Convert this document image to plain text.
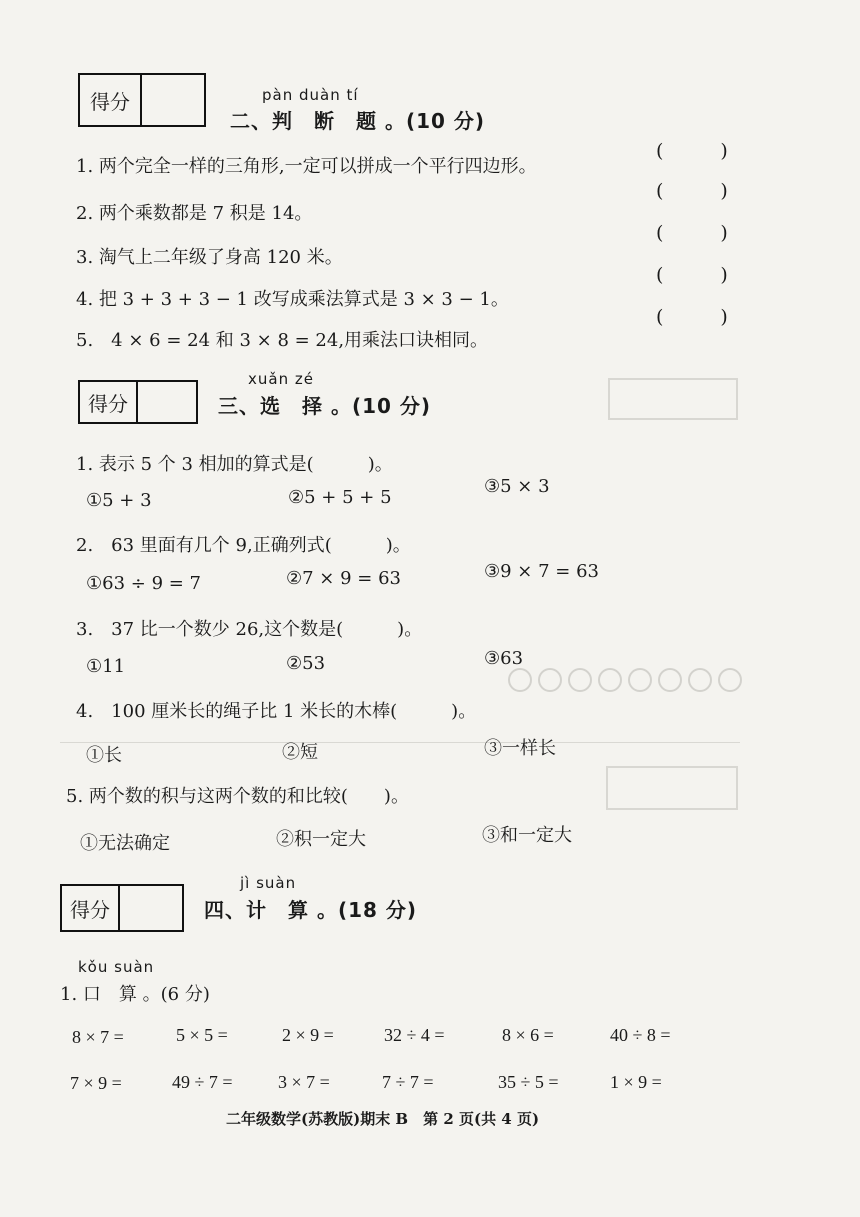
得分	pàn duàn tí
二、判　断　题 。(10 分)
1. 两个完全一样的三角形,一定可以拼成一个平行四边形。
2. 两个乘数都是 7 积是 14。
3. 淘气上二年级了身高 120 米。
4. 把 3 + 3 + 3 − 1 改写成乘法算式是 3 × 3 − 1。
5.　4 × 6 = 24 和 3 × 8 = 24,用乘法口诀相同。
(　　　)
(　　　)
(　　　)
(　　　)
(　　　)
得分
xuǎn zé
三、选　择 。(10 分)
1. 表示 5 个 3 相加的算式是(　　　)。
①5 + 3	②5 + 5 + 5
③5 × 3
2.　63 里面有几个 9,正确列式(　　　)。
①63 ÷ 9 = 7	②7 × 9 = 63	③9 × 7 = 63
3.　37 比一个数少 26,这个数是(　　　)。
①11	②53	③63
4.　100 厘米长的绳子比 1 米长的木棒(　　　)。
①长	②短	③一样长
5. 两个数的积与这两个数的和比较(　　)。
①无法确定	②积一定大	③和一定大
得分
jì suàn
四、计　算 。(18 分)
kǒu suàn
1. 口　算 。(6 分)
8 × 7 =	5 × 5 =	2 × 9 =	32 ÷ 4 =	8 × 6 =	40 ÷ 8 =
7 × 9 =	49 ÷ 7 =	3 × 7 =	7 ÷ 7 =	35 ÷ 5 =	1 × 9 =
二年级数学(苏教版)期末 B　第 2 页(共 4 页)
